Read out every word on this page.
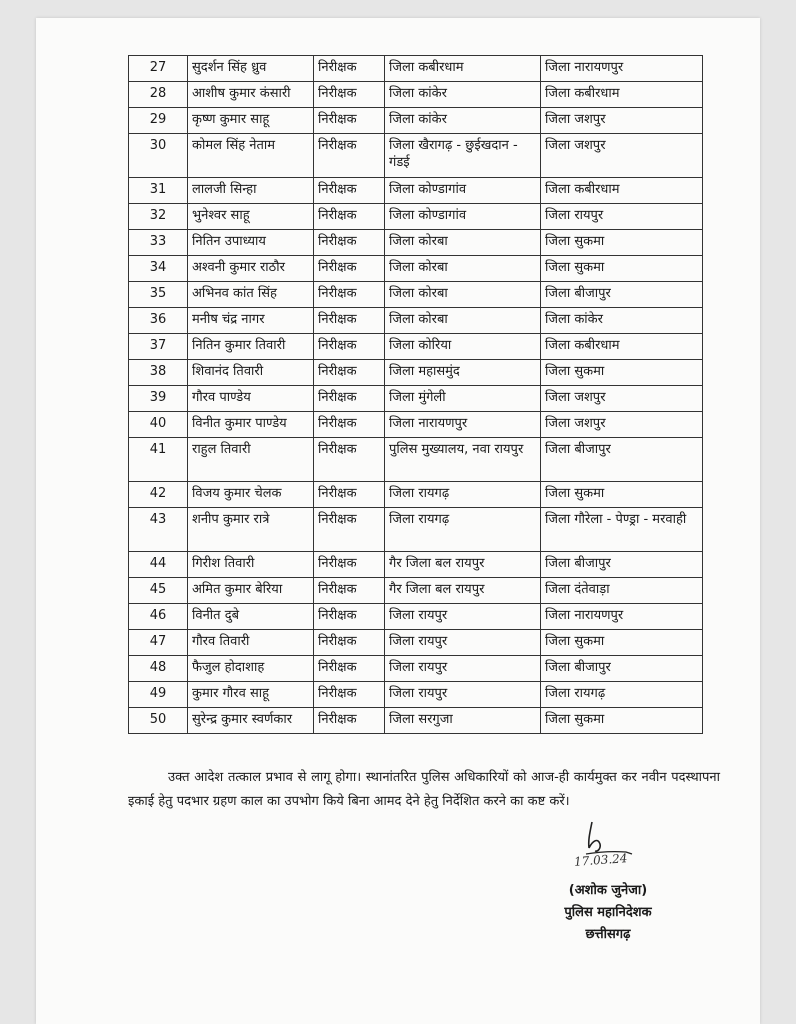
27	सुदर्शन सिंह ध्रुव	निरीक्षक	जिला कबीरधाम	जिला नारायणपुर
28	आशीष कुमार कंसारी	निरीक्षक	जिला कांकेर	जिला कबीरधाम
29	कृष्ण कुमार साहू	निरीक्षक	जिला कांकेर	जिला जशपुर
30	कोमल सिंह नेताम	निरीक्षक	जिला खैरागढ़ - छुईखदान - गंडई	जिला जशपुर
31	लालजी सिन्हा	निरीक्षक	जिला कोण्डागांव	जिला कबीरधाम
32	भुनेश्वर साहू	निरीक्षक	जिला कोण्डागांव	जिला रायपुर
33	नितिन उपाध्याय	निरीक्षक	जिला कोरबा	जिला सुकमा
34	अश्वनी कुमार राठौर	निरीक्षक	जिला कोरबा	जिला सुकमा
35	अभिनव कांत सिंह	निरीक्षक	जिला कोरबा	जिला बीजापुर
36	मनीष चंद्र नागर	निरीक्षक	जिला कोरबा	जिला कांकेर
37	नितिन कुमार तिवारी	निरीक्षक	जिला कोरिया	जिला कबीरधाम
38	शिवानंद तिवारी	निरीक्षक	जिला महासमुंद	जिला सुकमा
39	गौरव पाण्डेय	निरीक्षक	जिला मुंगेली	जिला जशपुर
40	विनीत कुमार पाण्डेय	निरीक्षक	जिला नारायणपुर	जिला जशपुर
41	राहुल तिवारी	निरीक्षक	पुलिस मुख्यालय, नवा रायपुर	जिला बीजापुर
42	विजय कुमार चेलक	निरीक्षक	जिला रायगढ़	जिला सुकमा
43	शनीप कुमार रात्रे	निरीक्षक	जिला रायगढ़	जिला गौरेला - पेण्ड्रा - मरवाही
44	गिरीश तिवारी	निरीक्षक	गैर जिला बल रायपुर	जिला बीजापुर
45	अमित कुमार बेरिया	निरीक्षक	गैर जिला बल रायपुर	जिला दंतेवाड़ा
46	विनीत दुबे	निरीक्षक	जिला रायपुर	जिला नारायणपुर
47	गौरव तिवारी	निरीक्षक	जिला रायपुर	जिला सुकमा
48	फैजुल होदाशाह	निरीक्षक	जिला रायपुर	जिला बीजापुर
49	कुमार गौरव साहू	निरीक्षक	जिला रायपुर	जिला रायगढ़
50	सुरेन्द्र कुमार स्वर्णकार	निरीक्षक	जिला सरगुजा	जिला सुकमा
उक्त आदेश तत्काल प्रभाव से लागू होगा। स्थानांतरित पुलिस अधिकारियों को आज-ही कार्यमुक्त कर नवीन पदस्थापना इकाई हेतु पदभार ग्रहण काल का उपभोग किये बिना आमद देने हेतु निर्देशित करने का कष्ट करें।
17.03.24
(अशोक जुनेजा)
पुलिस महानिदेशक
छत्तीसगढ़
